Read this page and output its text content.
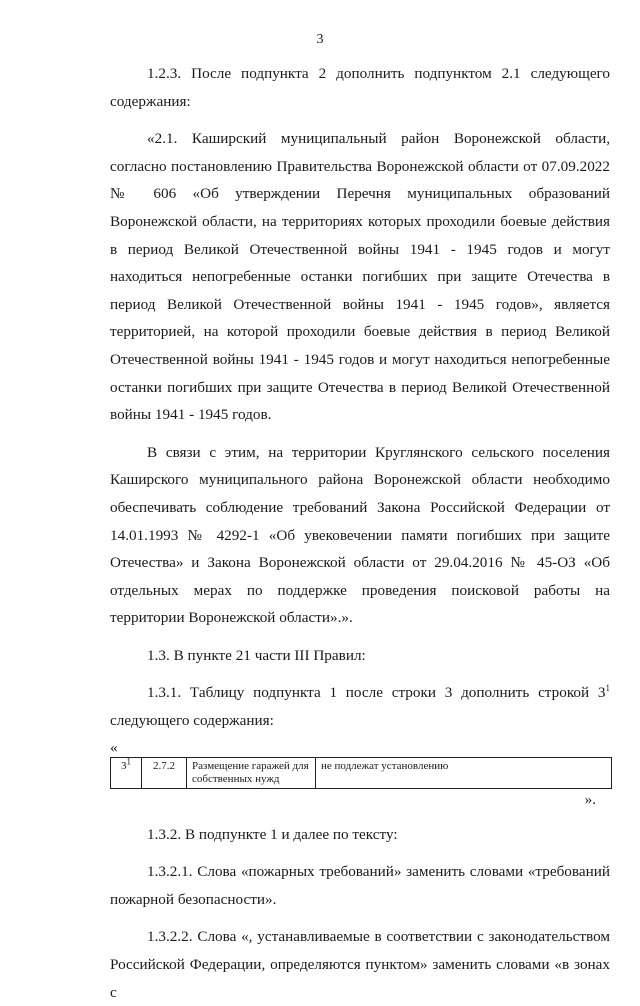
3

1.2.3. После подпункта 2 дополнить подпунктом 2.1 следующего содержания:

«2.1. Каширский муниципальный район Воронежской области, согласно постановлению Правительства Воронежской области от 07.09.2022 № 606 «Об утверждении Перечня муниципальных образований Воронежской области, на территориях которых проходили боевые действия в период Великой Отечественной войны 1941 - 1945 годов и могут находиться непогребенные останки погибших при защите Отечества в период Великой Отечественной войны 1941 - 1945 годов», является территорией, на которой проходили боевые действия в период Великой Отечественной войны 1941 - 1945 годов и могут находиться непогребенные останки погибших при защите Отечества в период Великой Отечественной войны 1941 - 1945 годов.

В связи с этим, на территории Круглянского сельского поселения Каширского муниципального района Воронежской области необходимо обеспечивать соблюдение требований Закона Российской Федерации от 14.01.1993 № 4292-1 «Об увековечении памяти погибших при защите Отечества» и Закона Воронежской области от 29.04.2016 № 45-ОЗ «Об отдельных мерах по поддержке проведения поисковой работы на территории Воронежской области».».

1.3. В пункте 21 части III Правил:

1.3.1. Таблицу подпункта 1 после строки 3 дополнить строкой $3^1$ следующего содержания:

«

$3^1$	2.7.2	Размещение гаражей для собственных нужд	не подлежат установлению

».

1.3.2. В подпункте 1 и далее по тексту:

1.3.2.1. Слова «пожарных требований» заменить словами «требований пожарной безопасности».

1.3.2.2. Слова «, устанавливаемые в соответствии с законодательством Российской Федерации, определяются пунктом» заменить словами «в зонах с
